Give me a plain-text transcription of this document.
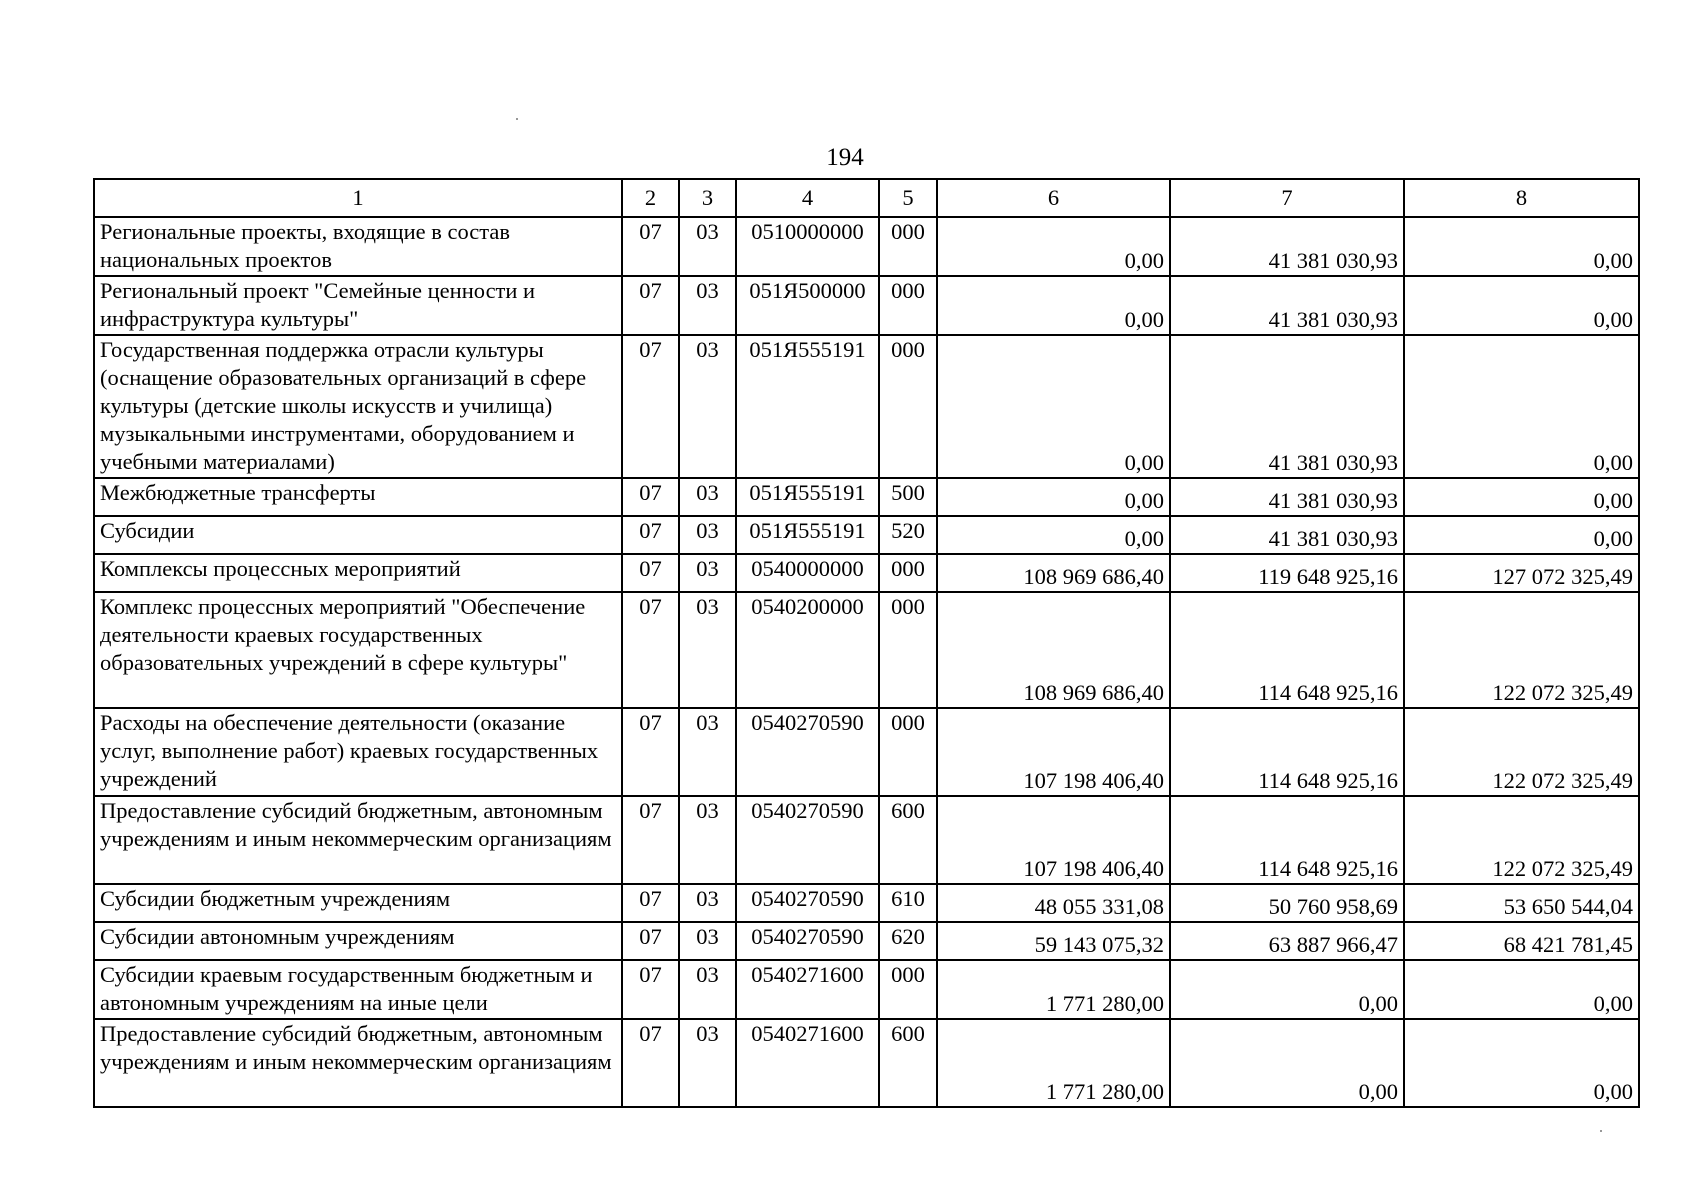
194
1	2	3	4	5	6	7	8
Региональные проекты, входящие в состав национальных проектов	07	03	0510000000	000	0,00	41 381 030,93	0,00
Региональный проект "Семейные ценности и инфраструктура культуры"	07	03	051Я500000	000	0,00	41 381 030,93	0,00
Государственная поддержка отрасли культуры (оснащение образовательных организаций в сфере культуры (детские школы искусств и училища) музыкальными инструментами, оборудованием и учебными материалами)	07	03	051Я555191	000	0,00	41 381 030,93	0,00
Межбюджетные трансферты	07	03	051Я555191	500	0,00	41 381 030,93	0,00
Субсидии	07	03	051Я555191	520	0,00	41 381 030,93	0,00
Комплексы процессных мероприятий	07	03	0540000000	000	108 969 686,40	119 648 925,16	127 072 325,49
Комплекс процессных мероприятий "Обеспечение деятельности краевых государственных образовательных учреждений в сфере культуры"	07	03	0540200000	000	108 969 686,40	114 648 925,16	122 072 325,49
Расходы на обеспечение деятельности (оказание услуг, выполнение работ) краевых государственных учреждений	07	03	0540270590	000	107 198 406,40	114 648 925,16	122 072 325,49
Предоставление субсидий бюджетным, автономным учреждениям и иным некоммерческим организациям	07	03	0540270590	600	107 198 406,40	114 648 925,16	122 072 325,49
Субсидии бюджетным учреждениям	07	03	0540270590	610	48 055 331,08	50 760 958,69	53 650 544,04
Субсидии автономным учреждениям	07	03	0540270590	620	59 143 075,32	63 887 966,47	68 421 781,45
Субсидии краевым государственным бюджетным и автономным учреждениям на иные цели	07	03	0540271600	000	1 771 280,00	0,00	0,00
Предоставление субсидий бюджетным, автономным учреждениям и иным некоммерческим организациям	07	03	0540271600	600	1 771 280,00	0,00	0,00
